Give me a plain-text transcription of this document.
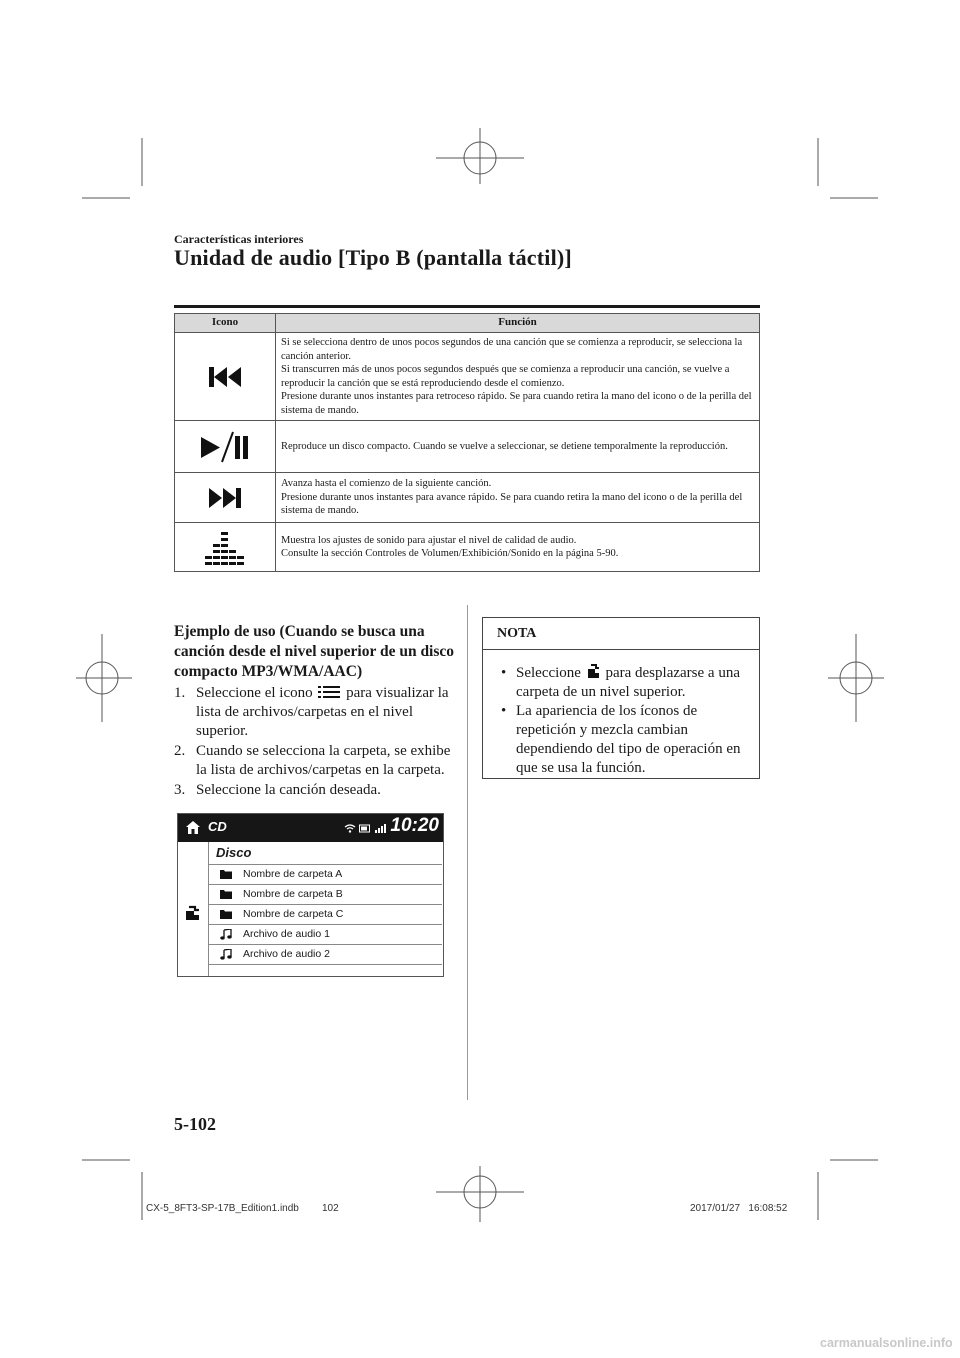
Características interiores
Unidad de audio [Tipo B (pantalla táctil)]
Icono	Función

Si se selecciona dentro de unos pocos segundos de una canción que se comienza a reproducir, se selecciona la canción anterior.
Si transcurren más de unos pocos segundos después que se comienza a reproducir una canción, se vuelve a reproducir la canción que se está reproduciendo desde el comienzo.
Presione durante unos instantes para retroceso rápido. Se para cuando retira la mano del icono o de la perilla del sistema de mando.

Reproduce un disco compacto. Cuando se vuelve a seleccionar, se detiene temporalmente la reproducción.

Avanza hasta el comienzo de la siguiente canción.
Presione durante unos instantes para avance rápido. Se para cuando retira la mano del icono o de la perilla del sistema de mando.

Muestra los ajustes de sonido para ajustar el nivel de calidad de audio.
Consulte la sección Controles de Volumen/Exhibición/Sonido en la página 5-90.
Ejemplo de uso (Cuando se busca una canción desde el nivel superior de un disco compacto MP3/WMA/AAC)
1. Seleccione el icono para visualizar la lista de archivos/carpetas en el nivel superior.
2. Cuando se selecciona la carpeta, se exhibe la lista de archivos/carpetas en la carpeta.
3. Seleccione la canción deseada.
NOTA
• Seleccione para desplazarse a una carpeta de un nivel superior.
• La apariencia de los íconos de repetición y mezcla cambian dependiendo del tipo de operación en que se usa la función.
CD	10:20
Disco
Nombre de carpeta A
Nombre de carpeta B
Nombre de carpeta C
Archivo de audio 1
Archivo de audio 2
5-102
CX-5_8FT3-SP-17B_Edition1.indb 102	2017/01/27   16:08:52
carmanualsonline.info
